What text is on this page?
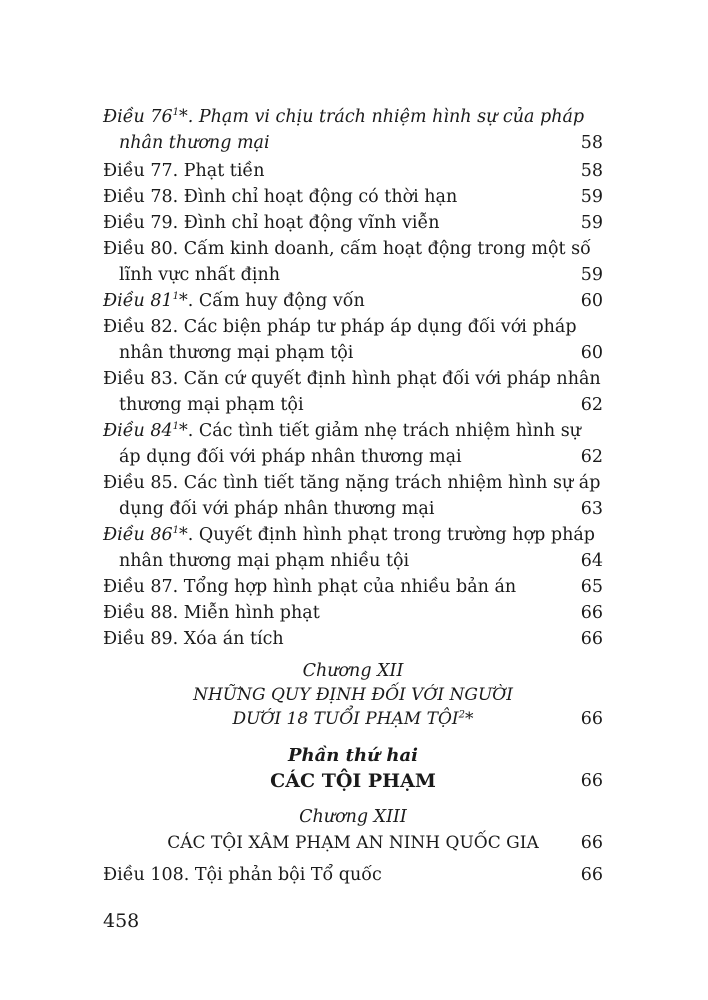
Điều $76^1*$. Phạm vi chịu trách nhiệm hình sự của pháp
nhân thương mại	58
Điều 77. Phạt tiền	58
Điều 78. Đình chỉ hoạt động có thời hạn	59
Điều 79. Đình chỉ hoạt động vĩnh viễn	59
Điều 80. Cấm kinh doanh, cấm hoạt động trong một số
lĩnh vực nhất định	59
Điều $81^1*$. Cấm huy động vốn	60
Điều 82. Các biện pháp tư pháp áp dụng đối với pháp
nhân thương mại phạm tội	60
Điều 83. Căn cứ quyết định hình phạt đối với pháp nhân
thương mại phạm tội	62
Điều $84^1*$. Các tình tiết giảm nhẹ trách nhiệm hình sự
áp dụng đối với pháp nhân thương mại	62
Điều 85. Các tình tiết tăng nặng trách nhiệm hình sự áp
dụng đối với pháp nhân thương mại	63
Điều $86^1*$. Quyết định hình phạt trong trường hợp pháp
nhân thương mại phạm nhiều tội	64
Điều 87. Tổng hợp hình phạt của nhiều bản án	65
Điều 88. Miễn hình phạt	66
Điều 89. Xóa án tích	66
Chương XII
NHỮNG QUY ĐỊNH ĐỐI VỚI NGƯỜI
DƯỚI 18 TUỔI PHẠM TỘI$^2$*	66
Phần thứ hai
CÁC TỘI PHẠM	66
Chương XIII
CÁC TỘI XÂM PHẠM AN NINH QUỐC GIA	66
Điều 108. Tội phản bội Tổ quốc	66
458
